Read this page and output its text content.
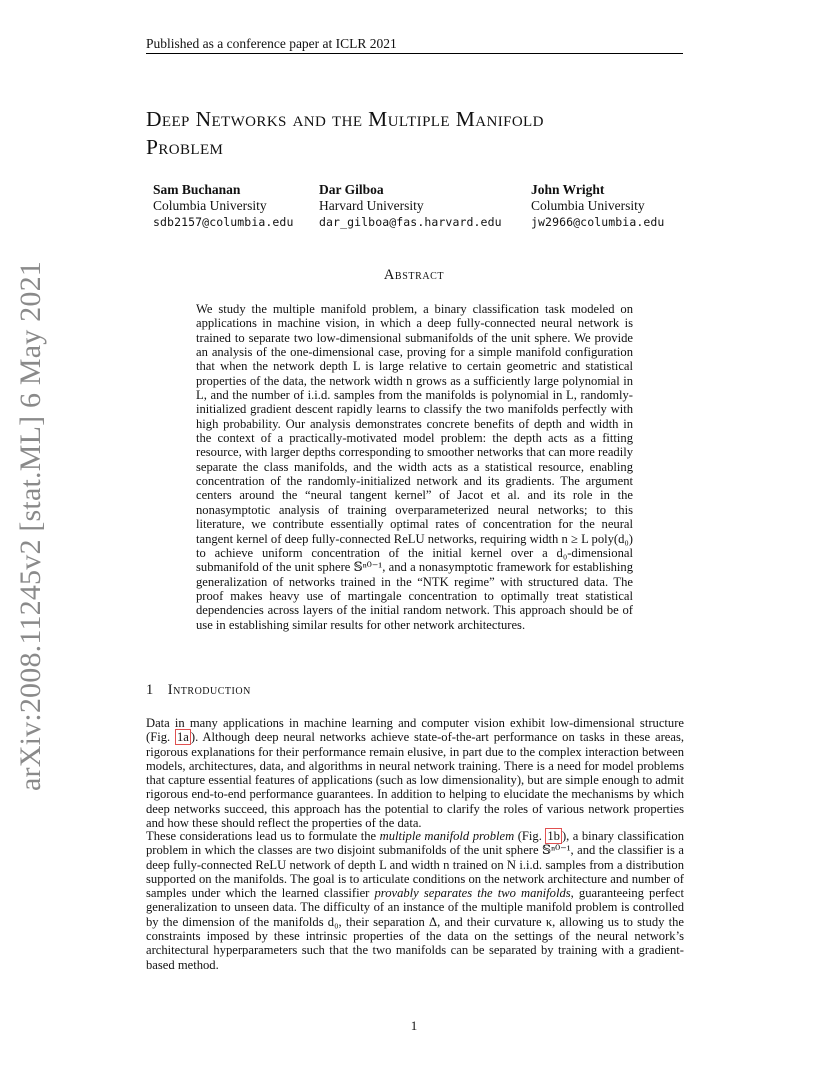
Published as a conference paper at ICLR 2021
arXiv:2008.11245v2 [stat.ML] 6 May 2021
Deep Networks and the Multiple Manifold
Problem
Sam Buchanan
Columbia University
sdb2157@columbia.edu
Dar Gilboa
Harvard University
dar_gilboa@fas.harvard.edu
John Wright
Columbia University
jw2966@columbia.edu
Abstract

We study the multiple manifold problem, a binary classification task modeled on applications in machine vision, in which a deep fully-connected neural network is trained to separate two low-dimensional submanifolds of the unit sphere. We provide an analysis of the one-dimensional case, proving for a simple manifold configuration that when the network depth L is large relative to certain geometric and statistical properties of the data, the network width n grows as a sufficiently large polynomial in L, and the number of i.i.d. samples from the manifolds is polynomial in L, randomly-initialized gradient descent rapidly learns to classify the two manifolds perfectly with high probability. Our analysis demonstrates concrete benefits of depth and width in the context of a practically-motivated model problem: the depth acts as a fitting resource, with larger depths corresponding to smoother networks that can more readily separate the class manifolds, and the width acts as a statistical resource, enabling concentration of the randomly-initialized network and its gradients. The argument centers around the “neural tangent kernel” of Jacot et al. and its role in the nonasymptotic analysis of training overparameterized neural networks; to this literature, we contribute essentially optimal rates of concentration for the neural tangent kernel of deep fully-connected ReLU networks, requiring width n ≥ L poly(d₀) to achieve uniform concentration of the initial kernel over a d₀-dimensional submanifold of the unit sphere 𝕊ⁿ⁰⁻¹, and a nonasymptotic framework for establishing generalization of networks trained in the “NTK regime” with structured data. The proof makes heavy use of martingale concentration to optimally treat statistical dependencies across layers of the initial random network. This approach should be of use in establishing similar results for other network architectures.

1 Introduction

Data in many applications in machine learning and computer vision exhibit low-dimensional structure (Fig. 1a ). Although deep neural networks achieve state-of-the-art performance on tasks in these areas, rigorous explanations for their performance remain elusive, in part due to the complex interaction between models, architectures, data, and algorithms in neural network training. There is a need for model problems that capture essential features of applications (such as low dimensionality), but are simple enough to admit rigorous end-to-end performance guarantees. In addition to helping to elucidate the mechanisms by which deep networks succeed, this approach has the potential to clarify the roles of various network properties and how these should reflect the properties of the data.

These considerations lead us to formulate the multiple manifold problem (Fig. 1b ), a binary classification problem in which the classes are two disjoint submanifolds of the unit sphere 𝕊ⁿ⁰⁻¹, and the classifier is a deep fully-connected ReLU network of depth L and width n trained on N i.i.d. samples from a distribution supported on the manifolds. The goal is to articulate conditions on the network architecture and number of samples under which the learned classifier provably separates the two manifolds, guaranteeing perfect generalization to unseen data. The difficulty of an instance of the multiple manifold problem is controlled by the dimension of the manifolds d₀, their separation Δ, and their curvature κ, allowing us to study the constraints imposed by these intrinsic properties of the data on the settings of the neural network’s architectural hyperparameters such that the two manifolds can be separated by training with a gradient-based method.

1
